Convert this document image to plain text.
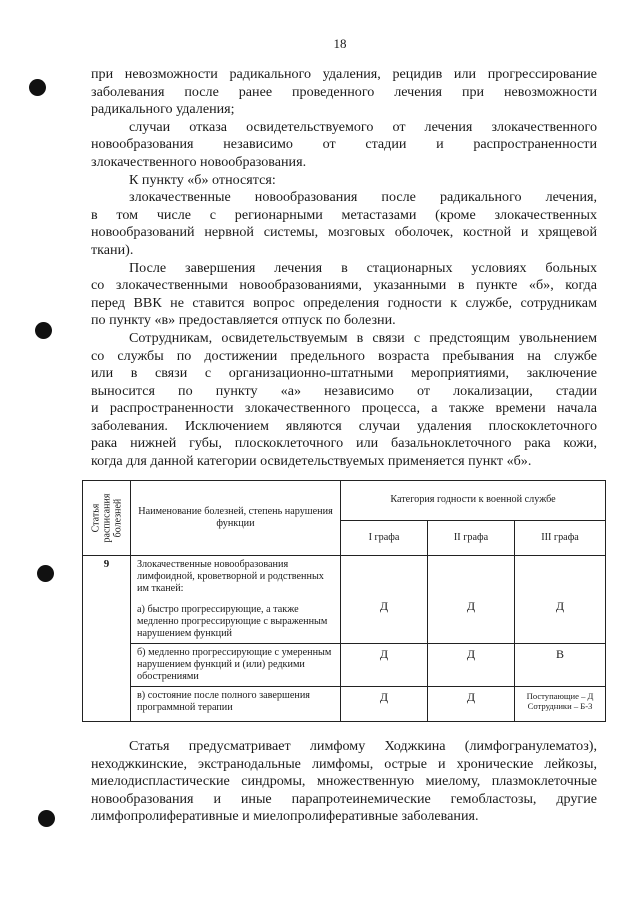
18

при невозможности радикального удаления, рецидив или прогрессирование

заболевания после ранее проведенного лечения при невозможности

радикального удаления;

случаи отказа освидетельствуемого от лечения злокачественного

новообразования независимо от стадии и распространенности

злокачественного новообразования.

К пункту «б» относятся:

злокачественные новообразования после радикального лечения,

в том числе с регионарными метастазами (кроме злокачественных

новообразований нервной системы, мозговых оболочек, костной и хрящевой

ткани).

После завершения лечения в стационарных условиях больных

со злокачественными новообразованиями, указанными в пункте «б», когда

перед ВВК не ставится вопрос определения годности к службе, сотрудникам

по пункту «в» предоставляется отпуск по болезни.

Сотрудникам, освидетельствуемым в связи с предстоящим увольнением

со службы по достижении предельного возраста пребывания на службе

или в связи с организационно-штатными мероприятиями, заключение

выносится по пункту «а» независимо от локализации, стадии

и распространенности злокачественного процесса, а также времени начала

заболевания. Исключением являются случаи удаления плоскоклеточного

рака нижней губы, плоскоклеточного или базальноклеточного рака кожи,

когда для данной категории освидетельствуемых применяется пункт «б».

Статья
расписания
болезней	Наименование болезней, степень нарушения функции	Категория годности к военной службе		
		I графа	II графа	III графа
9	Злокачественные новообразования лимфоидной, кроветворной и родственных им тканей:
а) быстро прогрессирующие, а также медленно прогрессирующие с выраженным нарушением функций	Д	Д	Д
	б) медленно прогрессирующие с умеренным нарушением функций и (или) редкими обострениями	Д	Д	В
	в) состояние после полного завершения программной терапии	Д	Д	Поступающие – Д
Сотрудники – Б-3

Статья предусматривает лимфому Ходжкина (лимфогранулематоз),

неходжкинские, экстранодальные лимфомы, острые и хронические лейкозы,

миелодиспластические синдромы, множественную миелому, плазмоклеточные

новообразования и иные парапротеинемические гемобластозы, другие

лимфопролиферативные и миелопролиферативные заболевания.
